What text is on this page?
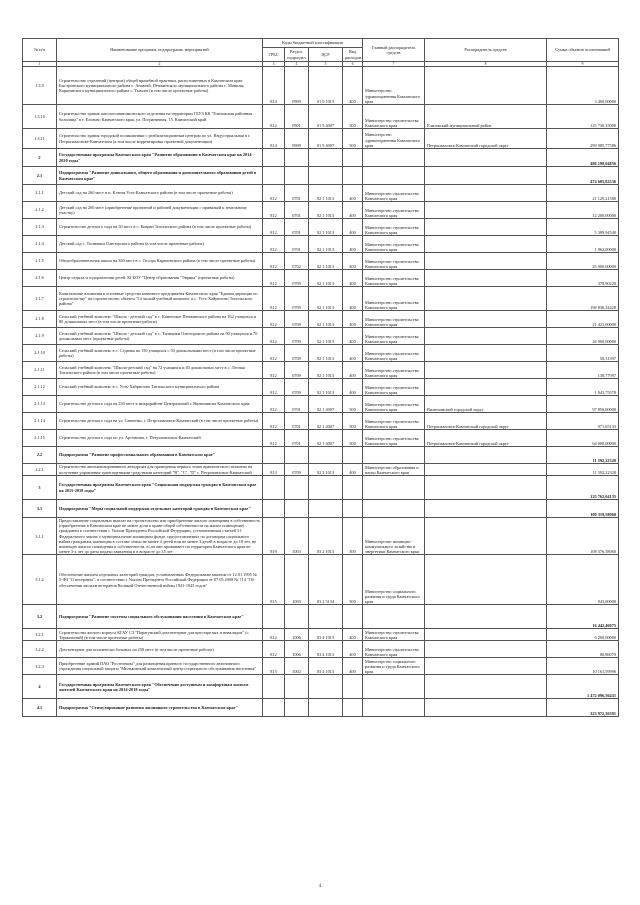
№ п/п	Наименование программ, подпрограмм, мероприятий	Коды бюджетной классификации				Главный распорядитель средств	Распорядитель средств	Сумма объемов ассигнований
		ГРБС	Раздел, подраздел	ЦСР	Вид расходов			
1	2	3	4	5	6	7	8	9
1.3.9	Строительство отделений (центров) общей врачебной практики, расположенных в Камчатском крае: Быстринского муниципального района с. Анавгай, Пенжинского муниципального района с. Манилы, Карагинского муниципального района с. Тымлат (в том числе проектные работы)	814	0909	01 9 1013	400	Министерство здравоохранения Камчатского края		3 400,00000
1.3.10	Строительство здания патологоанатомического отделения на территории ГБУЗ КК "Елизовская районная больница" в г. Елизово Камчатского края, ул. Пограничная, 15. Камчатский край	812	0901	01 9 4007	500	Министерство строительства Камчатского края	Елизовский муниципальный район	125 730,15000
1.3.11	Строительство здания городской поликлиники с реабилитационным центром по ул. Индустриальная в г. Петропавловске-Камчатском (в том числе корректировка проектной документации)	814	0909	01 9 4007	500	Министерство здравоохранения Камчатского края	Петропавловск-Камчатский городской округ	299 985,77586
2	Государственная программа Камчатского края "Развитие образования в Камчатском крае на 2014-2020 годы"							486 198,04856
2.1	Подпрограмма "Развитие дошкольного, общего образования и дополнительного образования детей в Камчатском крае"							474 605,82536
2.1.1	Детский сад на 260 мест в п. Ключи Усть-Камчатского района (в том числе проектные работы)	812	0701	02 1 1013	400	Министерство строительства Камчатского края		21 129,21580
2.1.2	Детский сад на 200 мест (приобретение проектной и рабочей документации с привязкой к земельному участку)	812	0701	02 1 1013	400	Министерство строительства Камчатского края		12 200,00000
2.1.3	Строительство детского сада на 50 мест в с. Ковран Тигильского района (в том числе проектные работы)	812	0701	02 1 1013	400	Министерство строительства Камчатского края		5 389,94540
2.1.4	Детский сад с. Тиличики Олюторского района (в том числе проектные работы)	812	0701	02 1 1013	400	Министерство строительства Камчатского края		1 862,00000
2.1.5	Общеобразовательная школа на 360 мест в с. Оссора Карагинского района (в том числе проектные работы)	812	0702	02 1 1013	400	Министерство строительства Камчатского края		25 000,00000
2.1.6	Центр отдыха и оздоровления детей. КГБОУ "Центр образования "Эврика" (проектные работы)	812	0709	02 1 1013	400	Министерство строительства Камчатского края		378,90229
2.1.7	Капитальные вложения в основные средства казенного предприятия Камчатского края "Единая дирекция по строительству" на строительство объекта "Сельский учебный комплекс в с. Усть-Хайрюзово Тигильского района"	812	0709	02 1 1013	400	Министерство строительства Камчатского края		198 836,24428
2.1.8	Сельский учебный комплекс "Школа - детский сад" в с. Каменское Пенжинского района на 162 учащихся и 80 дошкольных мест (в том числе проектные работы)	812	0709	02 1 1013	400	Министерство строительства Камчатского края		21 421,00000
2.1.9	Сельский учебный комплекс "Школа - детский сад" в с. Тиличики Олюторского района на 90 учащихся и 70 дошкольных мест (проектные работы)	812	0709	02 1 1013	400	Министерство строительства Камчатского края		26 000,00000
2.1.10	Сельский учебный комплекс в с. Седанка на 150 учащихся с 50 дошкольными мест (в том числе проектные работы)	812	0709	02 1 1013	400	Министерство строительства Камчатского края		58,31397
2.1.11	Сельский учебный комплекс "Школа-детский сад" на 72 учащихся и 40 дошкольных мест в с. Лесная Тигильского района (в том числе проектные работы)	812	0709	02 1 1013	400	Министерство строительства Камчатского края		138,77997
2.1.12	Сельский учебный комплекс в с. Усть-Хайрюзово Тигильского муниципального района	812	0709	02 1 1013	400	Министерство строительства Камчатского края		1 843,75578
2.1.13	Строительство детского сада на 230 мест в микрорайоне Центральный г. Вилючинска Камчатского края	812	0701	02 1 4007	500	Министерство строительства Камчатского края	Вилючинский городской округ	97 856,00000
2.1.14	Строительство детского сада на ул. Савченко, г. Петропавловск-Камчатский (в том числе проектные работы)	812	0701	02 1 4007	500	Министерство строительства Камчатского края	Петропавловск-Камчатский городской округ	971,65133
2.1.15	Строительство детского сада по ул. Арсеньева, г. Петропавловск-Камчатский	812	0701	02 1 4007	500	Министерство строительства Камчатского края	Петропавловск-Камчатский городской округ	64 000,00000
2.2	Подпрограмма "Развитие профессионального образования в Камчатском крае"							11 592,22320
2.2.1	Строительство автоматизированного автодрома для проведения первого этапа практического экзамена на получение управления транспортными средствами категорий "В", "С", "D" г. Петропавловск-Камчатский	813	0709	02 2 1013	400	Министерство образования и науки Камчатского края		11 592,22320
3	Государственная программа Камчатского края "Социальная поддержка граждан в Камчатском крае на 2015-2018 годы"							125 762,04135
3.1	Подпрограмма "Меры социальной поддержки отдельных категорий граждан в Камчатском крае"							109 319,58060
3.1.1	Предоставление социальных выплат на строительство или приобретение жилого помещения в собственность (приобретение в Камчатском крае не менее доли в праве общей собственности на жилое помещение) гражданам в соответствии с Указом Президента Российской Федерации, установленным статьей 31 Федерального закона о муниципальном жилищном фонде, предоставляемых по договорам социального найма гражданам, имеющим в составе семьи не менее 4 детей или не менее 3 детей в возрасте до 18 лет, не имеющих жилого помещения в собственности, если они проживают на территории Камчатского края не менее 3-х лет до даты подачи заявления и в возрасте до 35 лет	819	1003	03 2 1013	300	Министерство жилищно-коммунального хозяйства и энергетики Камчатского края		108 376,58060
3.1.2	Обеспечение жильем отдельных категорий граждан, установленных Федеральным законом от 12.01.1995 № 5-ФЗ "О ветеранах", в соответствии с Указом Президента Российской Федерации от 07.05.2008 № 714 "Об обеспечении жильем ветеранов Великой Отечественной войны 1941-1945 годов"	815	1003	03 2 5134	300	Министерство социального развития и труда Камчатского края		943,00000
3.2	Подпрограмма "Развитие системы социального обслуживания населения в Камчатском крае"							16 442,46075
3.2.1	Строительство жилого корпуса КГАУ СЗ "Паратунский дом-интернат для престарелых и инвалидов" (с. Термальный) (в том числе проектные работы)	812	1006	03 4 1013	400	Министерство строительства Камчатского края		6 200,00000
3.2.2	Дом-интернат для психически больных на 250 мест (в том числе проектные работы)	812	1006	03 4 1013	400	Министерство строительства Камчатского края		80,86079
3.2.3	Приобретение зданий ПАО "Ростелеком" для размещения краевого государственного автономного учреждения социальной защиты "Мильковский комплексный центр социального обслуживания населения"	815	1002	03 4 1013	400	Министерство социального развития и труда Камчатского края		10 161,59996
4	Государственная программа Камчатского края "Обеспечение доступным и комфортным жильем жителей Камчатского края на 2014-2018 годы"							1 472 096,56431
4.1	Подпрограмма "Стимулирование развития жилищного строительства в Камчатском крае"							323 972,36391
4
